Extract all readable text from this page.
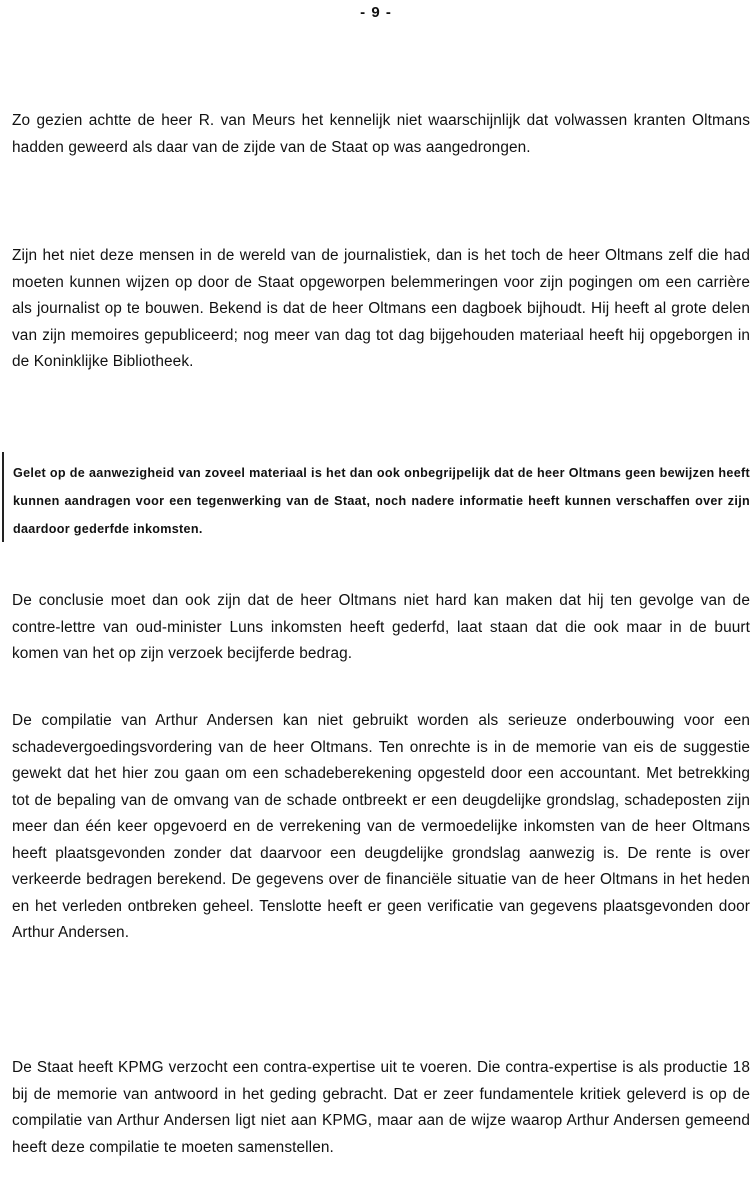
- 9 -

Zo gezien achtte de heer R. van Meurs het kennelijk niet waarschijnlijk dat volwassen kranten Oltmans hadden geweerd als daar van de zijde van de Staat op was aangedrongen.

Zijn het niet deze mensen in de wereld van de journalistiek, dan is het toch de heer Oltmans zelf die had moeten kunnen wijzen op door de Staat opgeworpen belemmeringen voor zijn pogingen om een carrière als journalist op te bouwen. Bekend is dat de heer Oltmans een dagboek bijhoudt. Hij heeft al grote delen van zijn memoires gepubliceerd; nog meer van dag tot dag bijgehouden materiaal heeft hij opgeborgen in de Koninklijke Bibliotheek.

Gelet op de aanwezigheid van zoveel materiaal is het dan ook onbegrijpelijk dat de heer Oltmans geen bewijzen heeft kunnen aandragen voor een tegenwerking van de Staat, noch nadere informatie heeft kunnen verschaffen over zijn daardoor gederfde inkomsten.

De conclusie moet dan ook zijn dat de heer Oltmans niet hard kan maken dat hij ten gevolge van de contre-lettre van oud-minister Luns inkomsten heeft gederfd, laat staan dat die ook maar in de buurt komen van het op zijn verzoek becijferde bedrag.

De compilatie van Arthur Andersen kan niet gebruikt worden als serieuze onderbouwing voor een schadevergoedingsvordering van de heer Oltmans. Ten onrechte is in de memorie van eis de suggestie gewekt dat het hier zou gaan om een schadeberekening opgesteld door een accountant. Met betrekking tot de bepaling van de omvang van de schade ontbreekt er een deugdelijke grondslag, schadeposten zijn meer dan één keer opgevoerd en de verrekening van de vermoedelijke inkomsten van de heer Oltmans heeft plaatsgevonden zonder dat daarvoor een deugdelijke grondslag aanwezig is. De rente is over verkeerde bedragen berekend. De gegevens over de financiële situatie van de heer Oltmans in het heden en het verleden ontbreken geheel. Tenslotte heeft er geen verificatie van gegevens plaatsgevonden door Arthur Andersen.

De Staat heeft KPMG verzocht een contra-expertise uit te voeren. Die contra-expertise is als productie 18 bij de memorie van antwoord in het geding gebracht. Dat er zeer fundamentele kritiek geleverd is op de compilatie van Arthur Andersen ligt niet aan KPMG, maar aan de wijze waarop Arthur Andersen gemeend heeft deze compilatie te moeten samenstellen.
